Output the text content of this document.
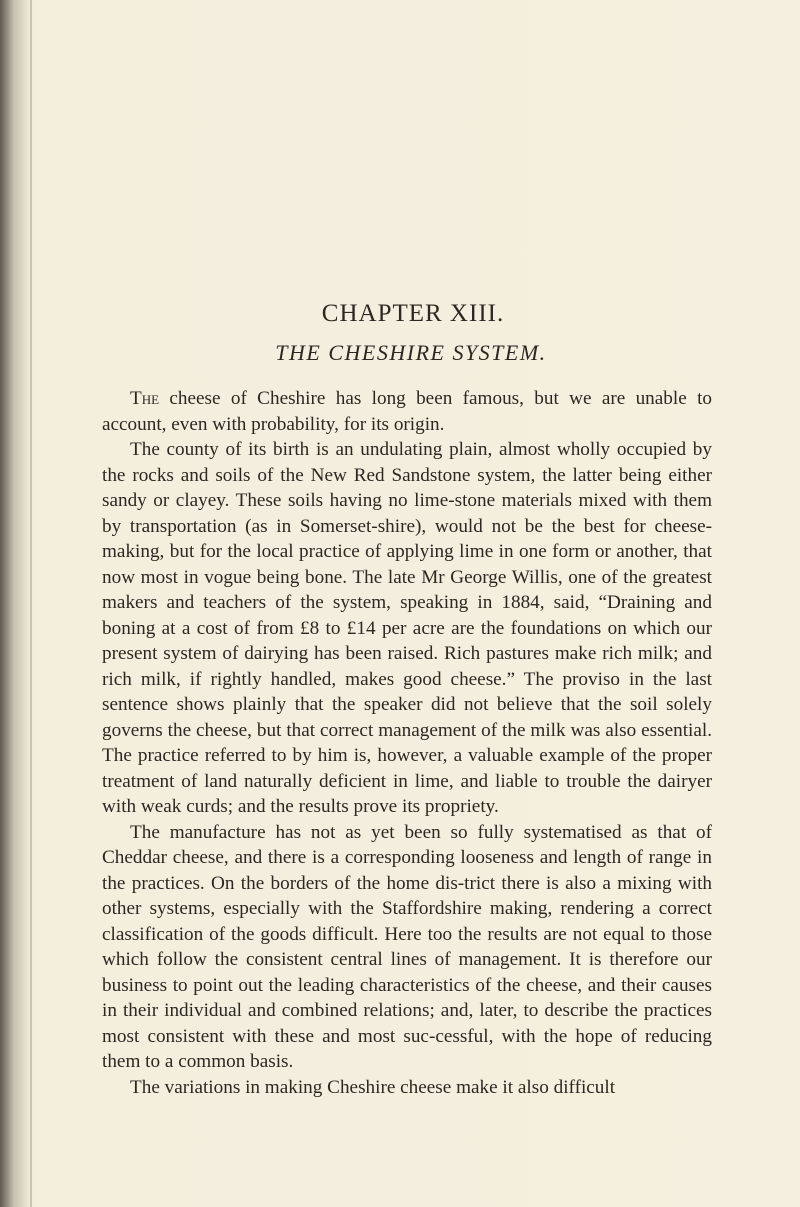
CHAPTER XIII.
THE CHESHIRE SYSTEM.

The cheese of Cheshire has long been famous, but we are unable to account, even with probability, for its origin.

The county of its birth is an undulating plain, almost wholly occupied by the rocks and soils of the New Red Sandstone system, the latter being either sandy or clayey. These soils having no lime-stone materials mixed with them by transportation (as in Somerset-shire), would not be the best for cheese-making, but for the local practice of applying lime in one form or another, that now most in vogue being bone. The late Mr George Willis, one of the greatest makers and teachers of the system, speaking in 1884, said, “Draining and boning at a cost of from £8 to £14 per acre are the foundations on which our present system of dairying has been raised. Rich pastures make rich milk; and rich milk, if rightly handled, makes good cheese.” The proviso in the last sentence shows plainly that the speaker did not believe that the soil solely governs the cheese, but that correct management of the milk was also essential. The practice referred to by him is, however, a valuable example of the proper treatment of land naturally deficient in lime, and liable to trouble the dairyer with weak curds; and the results prove its propriety.

The manufacture has not as yet been so fully systematised as that of Cheddar cheese, and there is a corresponding looseness and length of range in the practices. On the borders of the home dis-trict there is also a mixing with other systems, especially with the Staffordshire making, rendering a correct classification of the goods difficult. Here too the results are not equal to those which follow the consistent central lines of management. It is therefore our business to point out the leading characteristics of the cheese, and their causes in their individual and combined relations; and, later, to describe the practices most consistent with these and most suc-cessful, with the hope of reducing them to a common basis.

The variations in making Cheshire cheese make it also difficult
